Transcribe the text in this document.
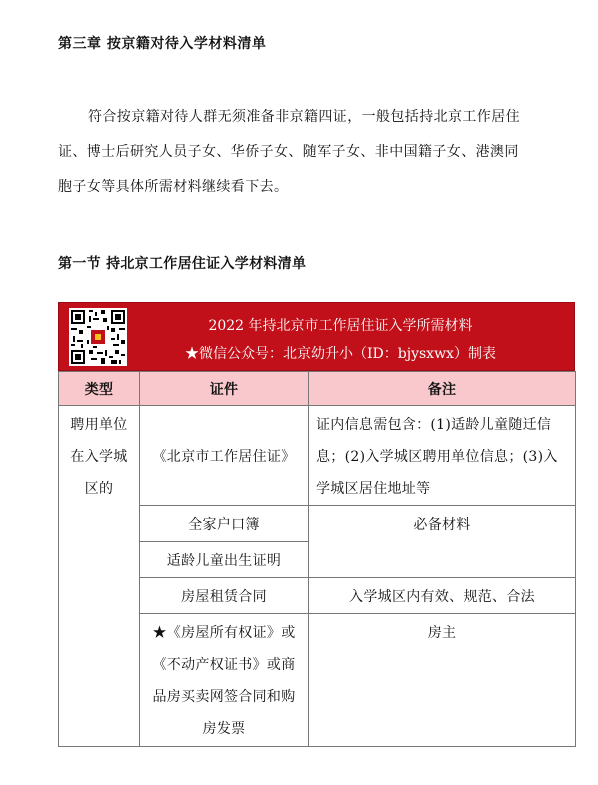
第三章 按京籍对待入学材料清单

符合按京籍对待人群无须准备非京籍四证，一般包括持北京工作居住证、博士后研究人员子女、华侨子女、随军子女、非中国籍子女、港澳同胞子女等具体所需材料继续看下去。

第一节 持北京工作居住证入学材料清单
2022 年持北京市工作居住证入学所需材料
★微信公众号：北京幼升小（ID：bjysxwx）制表
类型	证件	备注

聘用单位在入学城区的	《北京市工作居住证》	证内信息需包含：(1)适龄儿童随迁信息；(2)入学城区聘用单位信息；(3)入学城区居住地址等

	全家户口簿	必备材料

	适龄儿童出生证明	

	房屋租赁合同	入学城区内有效、规范、合法

	★《房屋所有权证》或《不动产权证书》或商品房买卖网签合同和购房发票	房主
